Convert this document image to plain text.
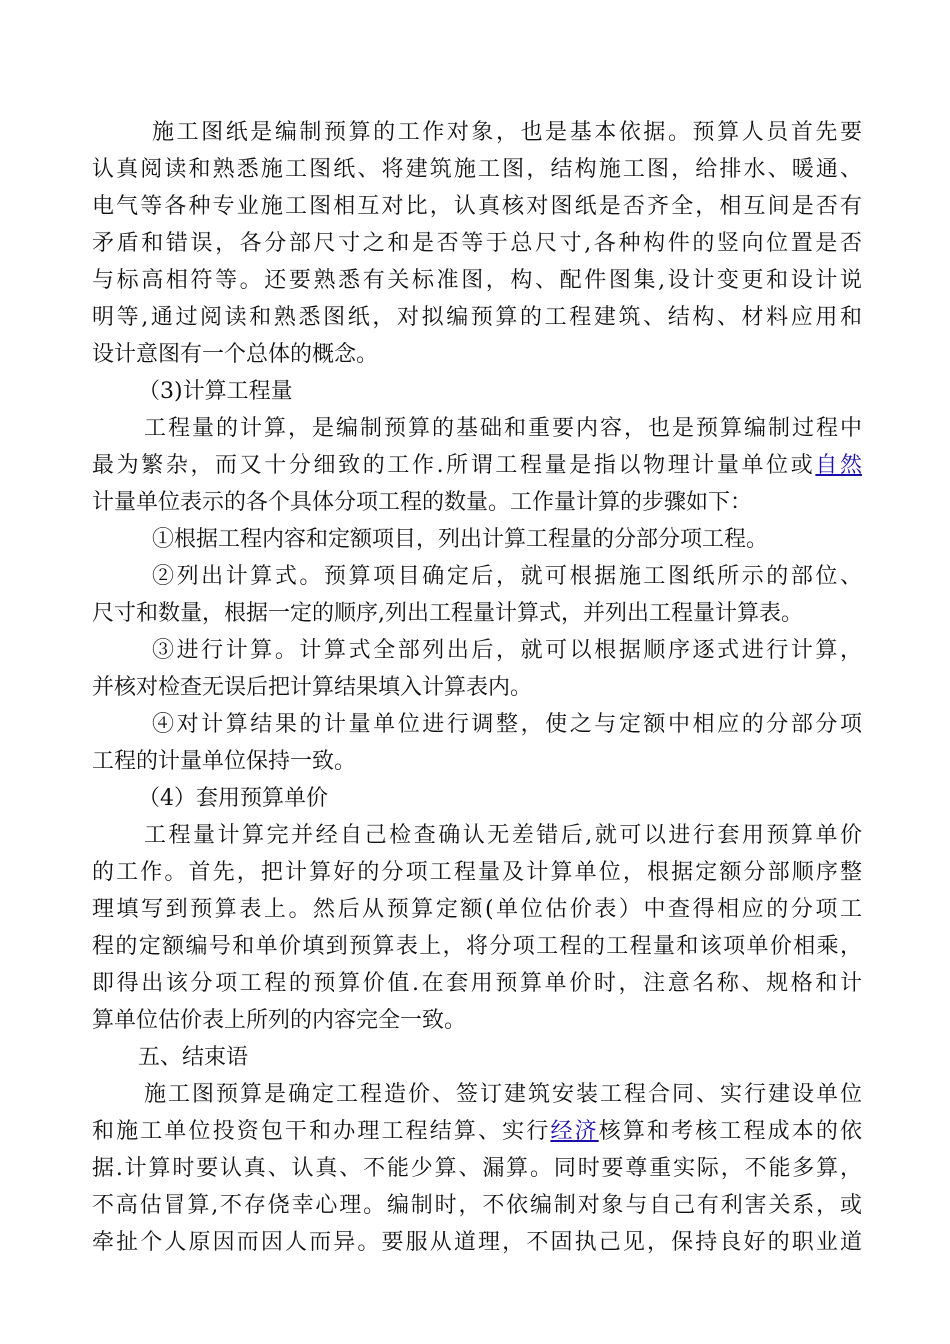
施工图纸是编制预算的工作对象，也是基本依据。预算人员首先要
认真阅读和熟悉施工图纸、将建筑施工图，结构施工图，给排水、暖通、
电气等各种专业施工图相互对比，认真核对图纸是否齐全，相互间是否有
矛盾和错误，各分部尺寸之和是否等于总尺寸,各种构件的竖向位置是否
与标高相符等。还要熟悉有关标准图，构、配件图集,设计变更和设计说
明等,通过阅读和熟悉图纸，对拟编预算的工程建筑、结构、材料应用和
设计意图有一个总体的概念。
（3)计算工程量
工程量的计算，是编制预算的基础和重要内容，也是预算编制过程中
最为繁杂，而又十分细致的工作.所谓工程量是指以物理计量单位或自然
计量单位表示的各个具体分项工程的数量。工作量计算的步骤如下：
①根据工程内容和定额项目，列出计算工程量的分部分项工程。
②列出计算式。预算项目确定后，就可根据施工图纸所示的部位、
尺寸和数量，根据一定的顺序,列出工程量计算式，并列出工程量计算表。
③进行计算。计算式全部列出后，就可以根据顺序逐式进行计算，
并核对检查无误后把计算结果填入计算表内。
④对计算结果的计量单位进行调整，使之与定额中相应的分部分项
工程的计量单位保持一致。
（4）套用预算单价
工程量计算完并经自己检查确认无差错后,就可以进行套用预算单价
的工作。首先，把计算好的分项工程量及计算单位，根据定额分部顺序整
理填写到预算表上。然后从预算定额(单位估价表）中查得相应的分项工
程的定额编号和单价填到预算表上，将分项工程的工程量和该项单价相乘，
即得出该分项工程的预算价值.在套用预算单价时，注意名称、规格和计
算单位估价表上所列的内容完全一致。
五、结束语
施工图预算是确定工程造价、签订建筑安装工程合同、实行建设单位
和施工单位投资包干和办理工程结算、实行经济核算和考核工程成本的依
据.计算时要认真、认真、不能少算、漏算。同时要尊重实际，不能多算，
不高估冒算,不存侥幸心理。编制时，不依编制对象与自己有利害关系，或
牵扯个人原因而因人而异。要服从道理，不固执己见，保持良好的职业道
